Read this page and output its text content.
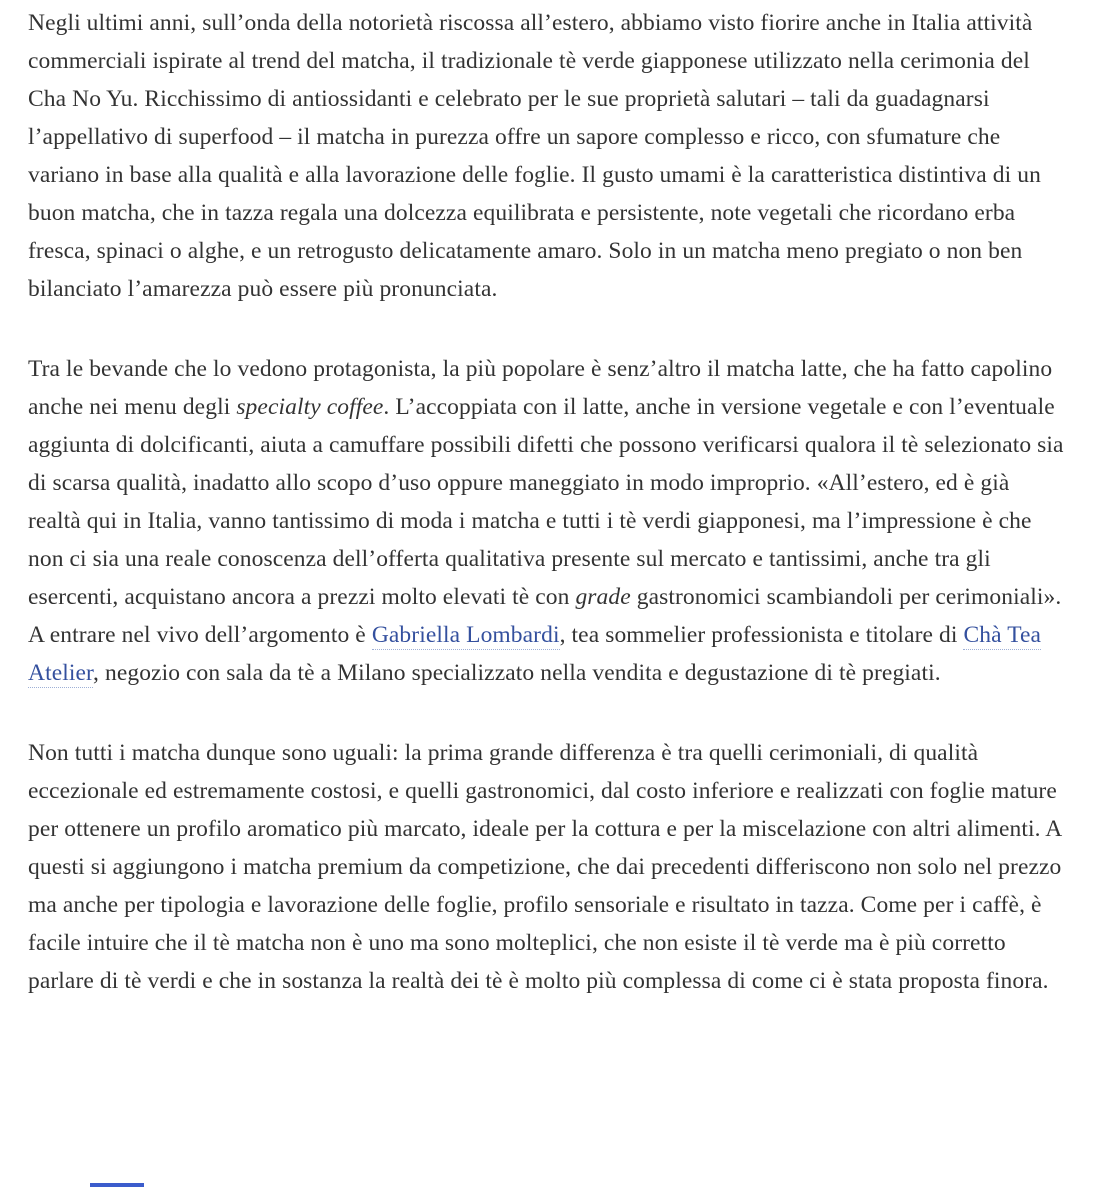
Negli ultimi anni, sull’onda della notorietà riscossa all’estero, abbiamo visto fiorire anche in Italia attività commerciali ispirate al trend del matcha, il tradizionale tè verde giapponese utilizzato nella cerimonia del Cha No Yu. Ricchissimo di antiossidanti e celebrato per le sue proprietà salutari – tali da guadagnarsi l’appellativo di superfood – il matcha in purezza offre un sapore complesso e ricco, con sfumature che variano in base alla qualità e alla lavorazione delle foglie. Il gusto umami è la caratteristica distintiva di un buon matcha, che in tazza regala una dolcezza equilibrata e persistente, note vegetali che ricordano erba fresca, spinaci o alghe, e un retrogusto delicatamente amaro. Solo in un matcha meno pregiato o non ben bilanciato l’amarezza può essere più pronunciata.

Tra le bevande che lo vedono protagonista, la più popolare è senz’altro il matcha latte, che ha fatto capolino anche nei menu degli specialty coffee. L’accoppiata con il latte, anche in versione vegetale e con l’eventuale aggiunta di dolcificanti, aiuta a camuffare possibili difetti che possono verificarsi qualora il tè selezionato sia di scarsa qualità, inadatto allo scopo d’uso oppure maneggiato in modo improprio. «All’estero, ed è già realtà qui in Italia, vanno tantissimo di moda i matcha e tutti i tè verdi giapponesi, ma l’impressione è che non ci sia una reale conoscenza dell’offerta qualitativa presente sul mercato e tantissimi, anche tra gli esercenti, acquistano ancora a prezzi molto elevati tè con grade gastronomici scambiandoli per cerimoniali». A entrare nel vivo dell’argomento è Gabriella Lombardi, tea sommelier professionista e titolare di Chà Tea Atelier, negozio con sala da tè a Milano specializzato nella vendita e degustazione di tè pregiati.

Non tutti i matcha dunque sono uguali: la prima grande differenza è tra quelli cerimoniali, di qualità eccezionale ed estremamente costosi, e quelli gastronomici, dal costo inferiore e realizzati con foglie mature per ottenere un profilo aromatico più marcato, ideale per la cottura e per la miscelazione con altri alimenti. A questi si aggiungono i matcha premium da competizione, che dai precedenti differiscono non solo nel prezzo ma anche per tipologia e lavorazione delle foglie, profilo sensoriale e risultato in tazza. Come per i caffè, è facile intuire che il tè matcha non è uno ma sono molteplici, che non esiste il tè verde ma è più corretto parlare di tè verdi e che in sostanza la realtà dei tè è molto più complessa di come ci è stata proposta finora.
